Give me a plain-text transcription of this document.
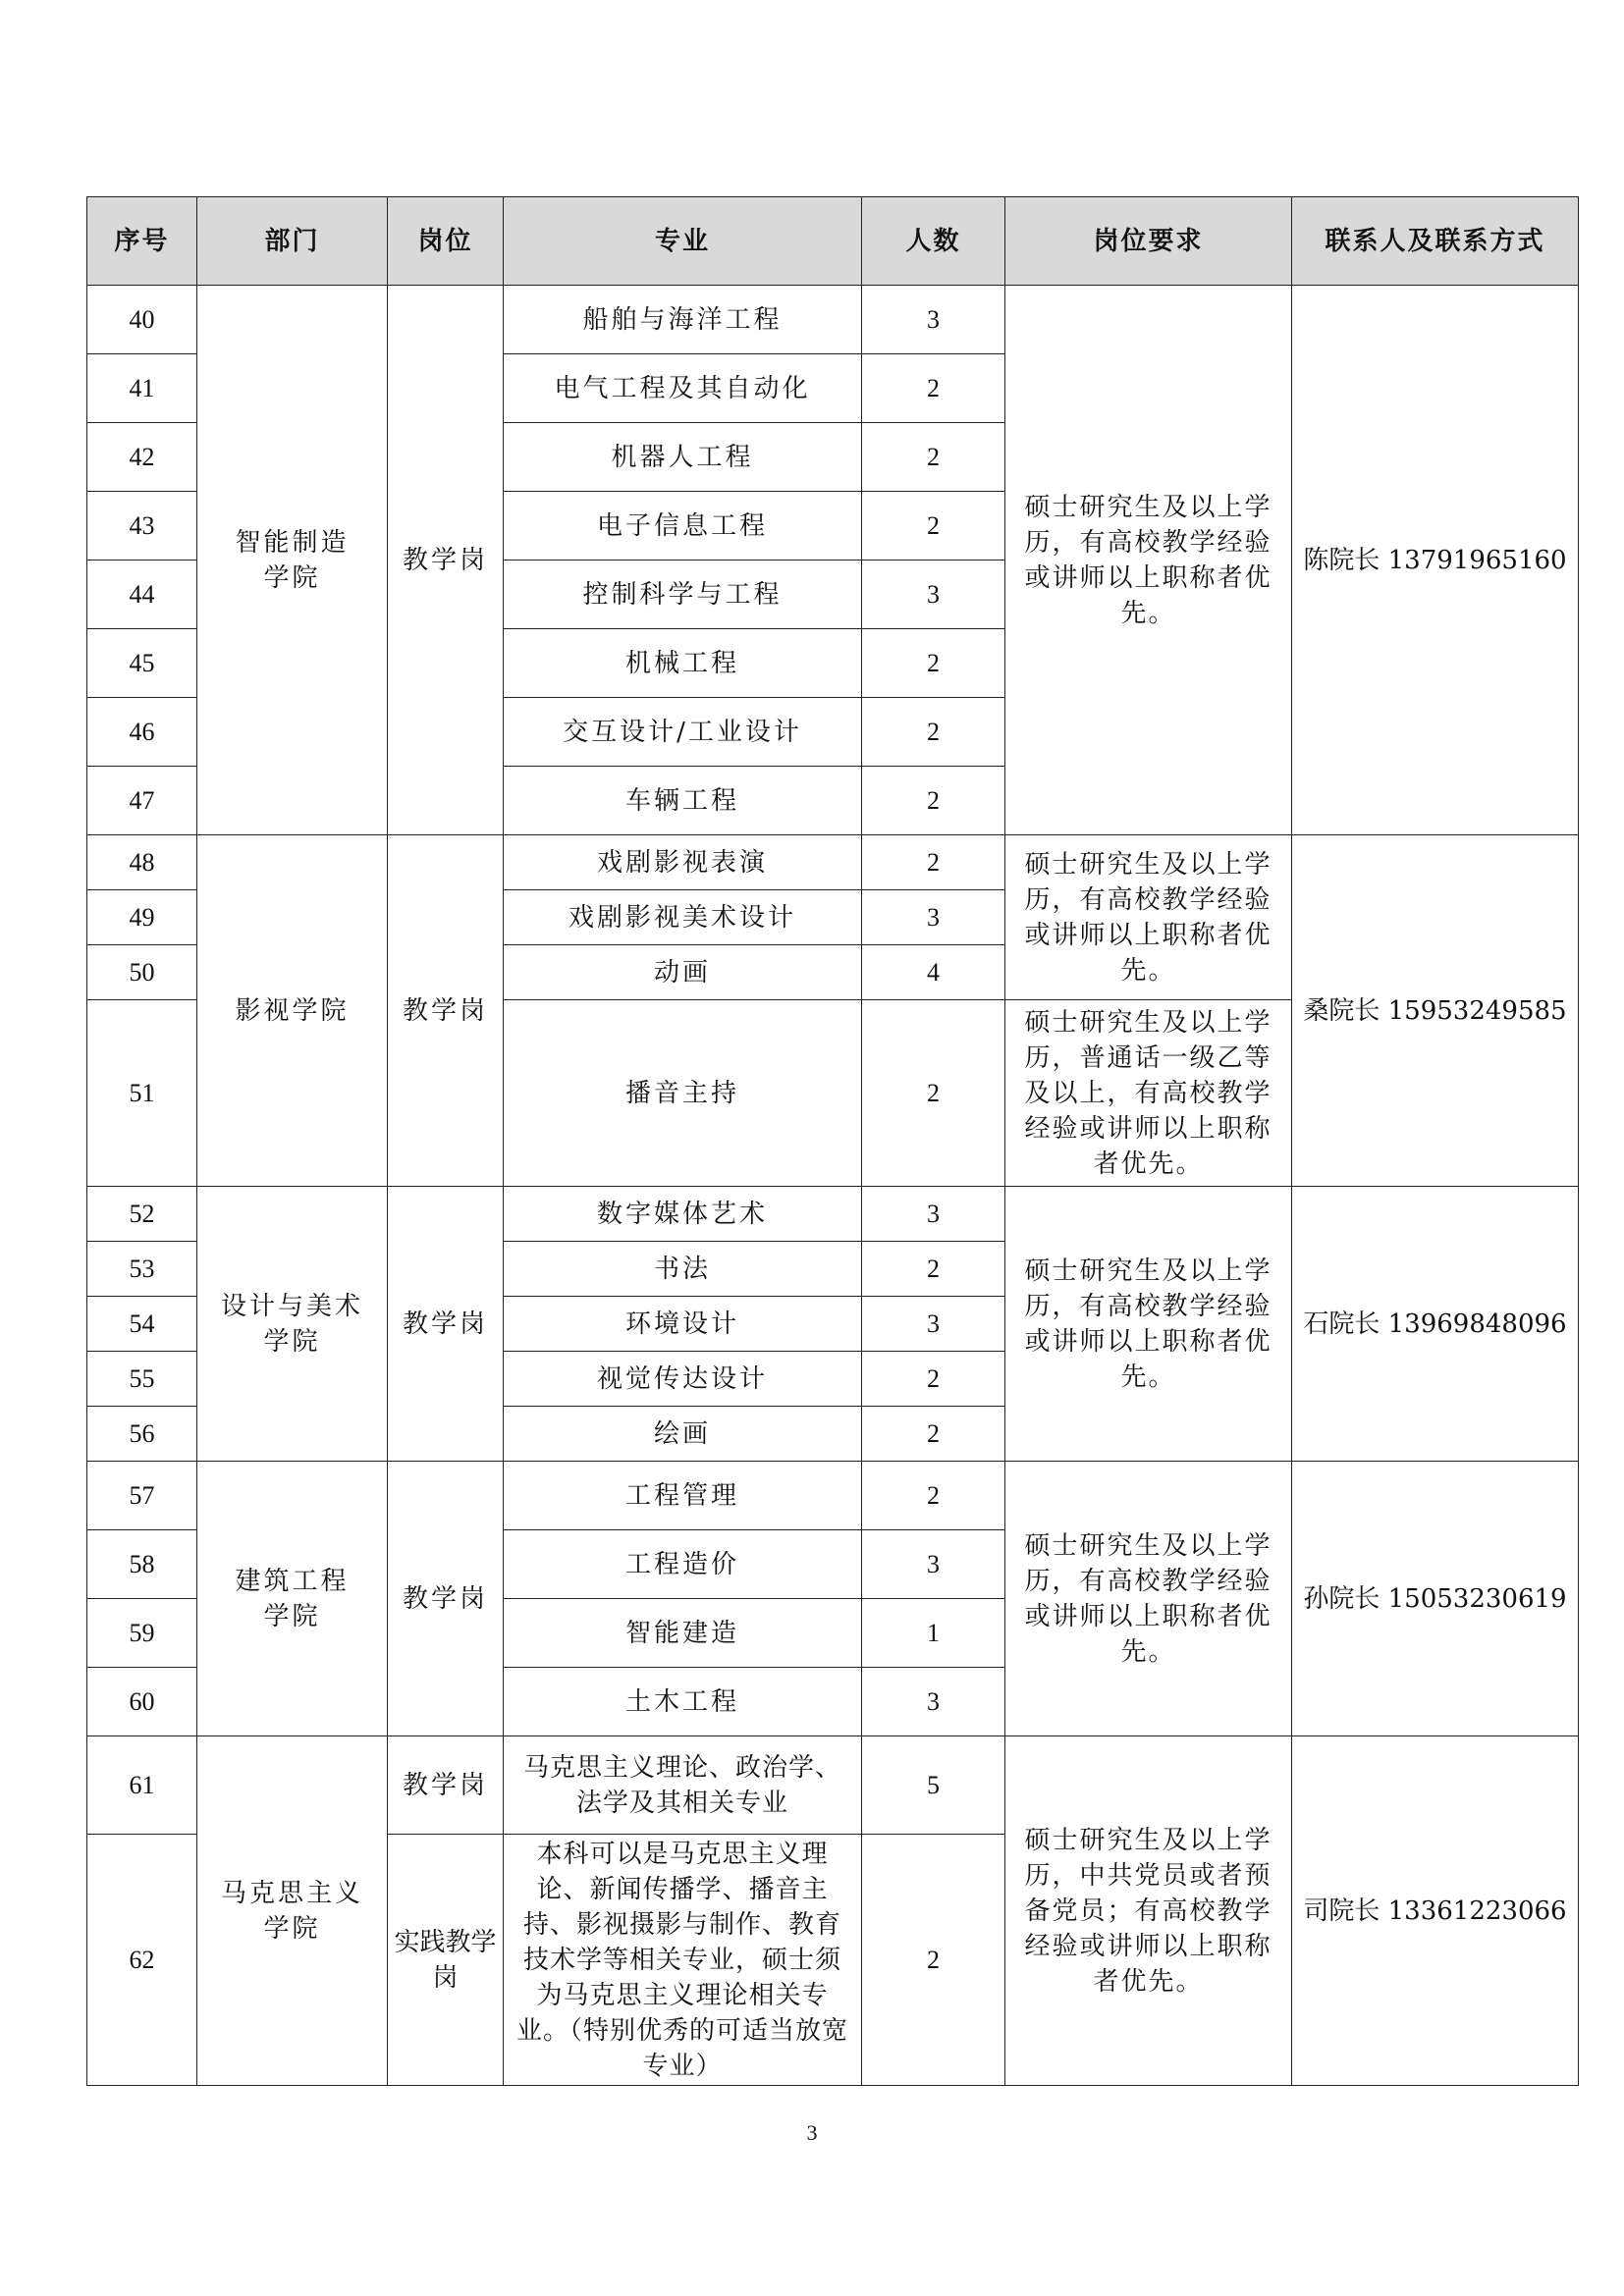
序号	部门	岗位	专业	人数	岗位要求	联系人及联系方式
40	智能制造学院	教学岗	船舶与海洋工程	3	硕士研究生及以上学历，有高校教学经验或讲师以上职称者优先。	陈院长 13791965160
41			电气工程及其自动化	2		
42			机器人工程	2		
43			电子信息工程	2		
44			控制科学与工程	3		
45			机械工程	2		
46			交互设计/工业设计	2		
47			车辆工程	2		
48	影视学院	教学岗	戏剧影视表演	2	硕士研究生及以上学历，有高校教学经验或讲师以上职称者优先。	桑院长 15953249585
49			戏剧影视美术设计	3		
50			动画	4		
51			播音主持	2	硕士研究生及以上学历，普通话一级乙等及以上，有高校教学经验或讲师以上职称者优先。	
52	设计与美术学院	教学岗	数字媒体艺术	3	硕士研究生及以上学历，有高校教学经验或讲师以上职称者优先。	石院长 13969848096
53			书法	2		
54			环境设计	3		
55			视觉传达设计	2		
56			绘画	2		
57	建筑工程学院	教学岗	工程管理	2	硕士研究生及以上学历，有高校教学经验或讲师以上职称者优先。	孙院长 15053230619
58			工程造价	3		
59			智能建造	1		
60			土木工程	3		
61	马克思主义学院	教学岗	马克思主义理论、政治学、法学及其相关专业	5	硕士研究生及以上学历，中共党员或者预备党员；有高校教学经验或讲师以上职称者优先。	司院长 13361223066
62		实践教学岗	本科可以是马克思主义理论、新闻传播学、播音主持、影视摄影与制作、教育技术学等相关专业，硕士须为马克思主义理论相关专业。（特别优秀的可适当放宽专业）	2		
3
